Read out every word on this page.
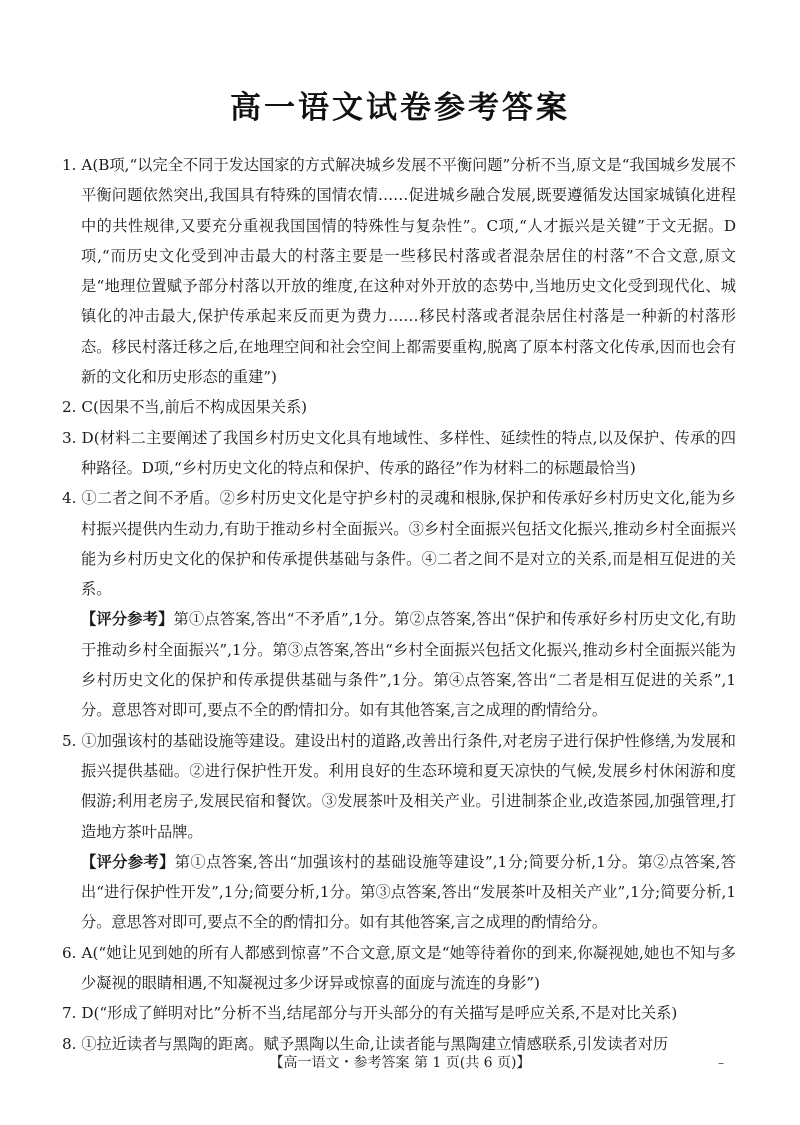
高一语文试卷参考答案

1. A(B项,“以完全不同于发达国家的方式解决城乡发展不平衡问题”分析不当,原文是“我国城乡发展不平衡问题依然突出,我国具有特殊的国情农情……促进城乡融合发展,既要遵循发达国家城镇化进程中的共性规律,又要充分重视我国国情的特殊性与复杂性”。C项,“人才振兴是关键”于文无据。D项,“而历史文化受到冲击最大的村落主要是一些移民村落或者混杂居住的村落”不合文意,原文是“地理位置赋予部分村落以开放的维度,在这种对外开放的态势中,当地历史文化受到现代化、城镇化的冲击最大,保护传承起来反而更为费力……移民村落或者混杂居住村落是一种新的村落形态。移民村落迁移之后,在地理空间和社会空间上都需要重构,脱离了原本村落文化传承,因而也会有新的文化和历史形态的重建”)

2. C(因果不当,前后不构成因果关系)

3. D(材料二主要阐述了我国乡村历史文化具有地域性、多样性、延续性的特点,以及保护、传承的四种路径。D项,“乡村历史文化的特点和保护、传承的路径”作为材料二的标题最恰当)

4. ①二者之间不矛盾。②乡村历史文化是守护乡村的灵魂和根脉,保护和传承好乡村历史文化,能为乡村振兴提供内生动力,有助于推动乡村全面振兴。③乡村全面振兴包括文化振兴,推动乡村全面振兴能为乡村历史文化的保护和传承提供基础与条件。④二者之间不是对立的关系,而是相互促进的关系。

【评分参考】第①点答案,答出“不矛盾”,1分。第②点答案,答出“保护和传承好乡村历史文化,有助于推动乡村全面振兴”,1分。第③点答案,答出“乡村全面振兴包括文化振兴,推动乡村全面振兴能为乡村历史文化的保护和传承提供基础与条件”,1分。第④点答案,答出“二者是相互促进的关系”,1分。意思答对即可,要点不全的酌情扣分。如有其他答案,言之成理的酌情给分。

5. ①加强该村的基础设施等建设。建设出村的道路,改善出行条件,对老房子进行保护性修缮,为发展和振兴提供基础。②进行保护性开发。利用良好的生态环境和夏天凉快的气候,发展乡村休闲游和度假游;利用老房子,发展民宿和餐饮。③发展茶叶及相关产业。引进制茶企业,改造茶园,加强管理,打造地方茶叶品牌。

【评分参考】第①点答案,答出“加强该村的基础设施等建设”,1分;简要分析,1分。第②点答案,答出“进行保护性开发”,1分;简要分析,1分。第③点答案,答出“发展茶叶及相关产业”,1分;简要分析,1分。意思答对即可,要点不全的酌情扣分。如有其他答案,言之成理的酌情给分。

6. A(“她让见到她的所有人都感到惊喜”不合文意,原文是“她等待着你的到来,你凝视她,她也不知与多少凝视的眼睛相遇,不知凝视过多少讶异或惊喜的面庞与流连的身影”)

7. D(“形成了鲜明对比”分析不当,结尾部分与开头部分的有关描写是呼应关系,不是对比关系)

8. ①拉近读者与黑陶的距离。赋予黑陶以生命,让读者能与黑陶建立情感联系,引发读者对历

【高一语文・参考答案 第 1 页(共 6 页)】	–
